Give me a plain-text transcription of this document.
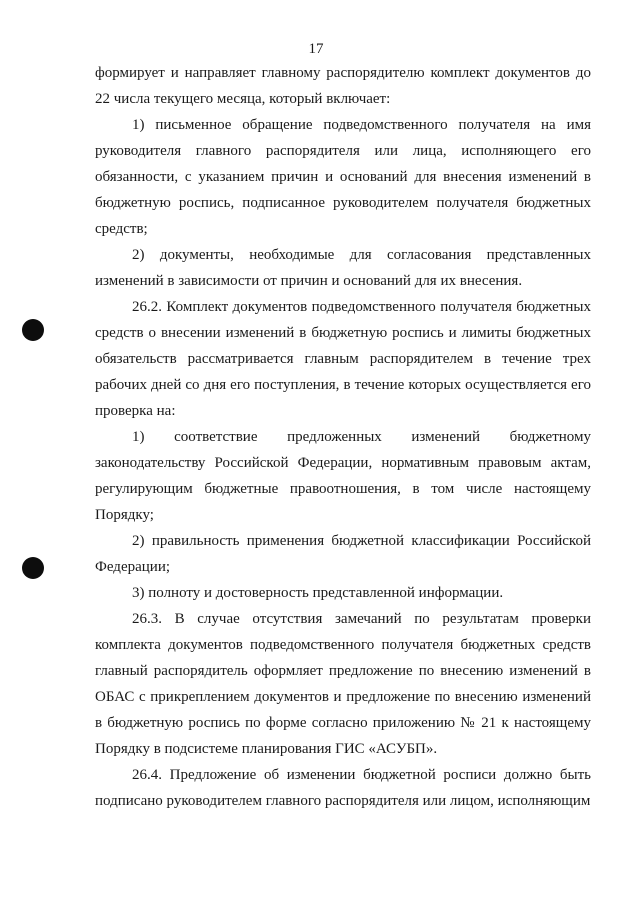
17

формирует и направляет главному распорядителю комплект документов до 22 числа текущего месяца, который включает:

1) письменное обращение подведомственного получателя на имя руководителя главного распорядителя или лица, исполняющего его обязанности, с указанием причин и оснований для внесения изменений в бюджетную роспись, подписанное руководителем получателя бюджетных средств;

2) документы, необходимые для согласования представленных изменений в зависимости от причин и оснований для их внесения.

26.2. Комплект документов подведомственного получателя бюджетных средств о внесении изменений в бюджетную роспись и лимиты бюджетных обязательств рассматривается главным распорядителем в течение трех рабочих дней со дня его поступления, в течение которых осуществляется его проверка на:

1) соответствие предложенных изменений бюджетному законодательству Российской Федерации, нормативным правовым актам, регулирующим бюджетные правоотношения, в том числе настоящему Порядку;

2) правильность применения бюджетной классификации Российской Федерации;

3) полноту и достоверность представленной информации.

26.3. В случае отсутствия замечаний по результатам проверки комплекта документов подведомственного получателя бюджетных средств главный распорядитель оформляет предложение по внесению изменений в ОБАС с прикреплением документов и предложение по внесению изменений в бюджетную роспись по форме согласно приложению № 21 к настоящему Порядку в подсистеме планирования ГИС «АСУБП».

26.4. Предложение об изменении бюджетной росписи должно быть подписано руководителем главного распорядителя или лицом, исполняющим
